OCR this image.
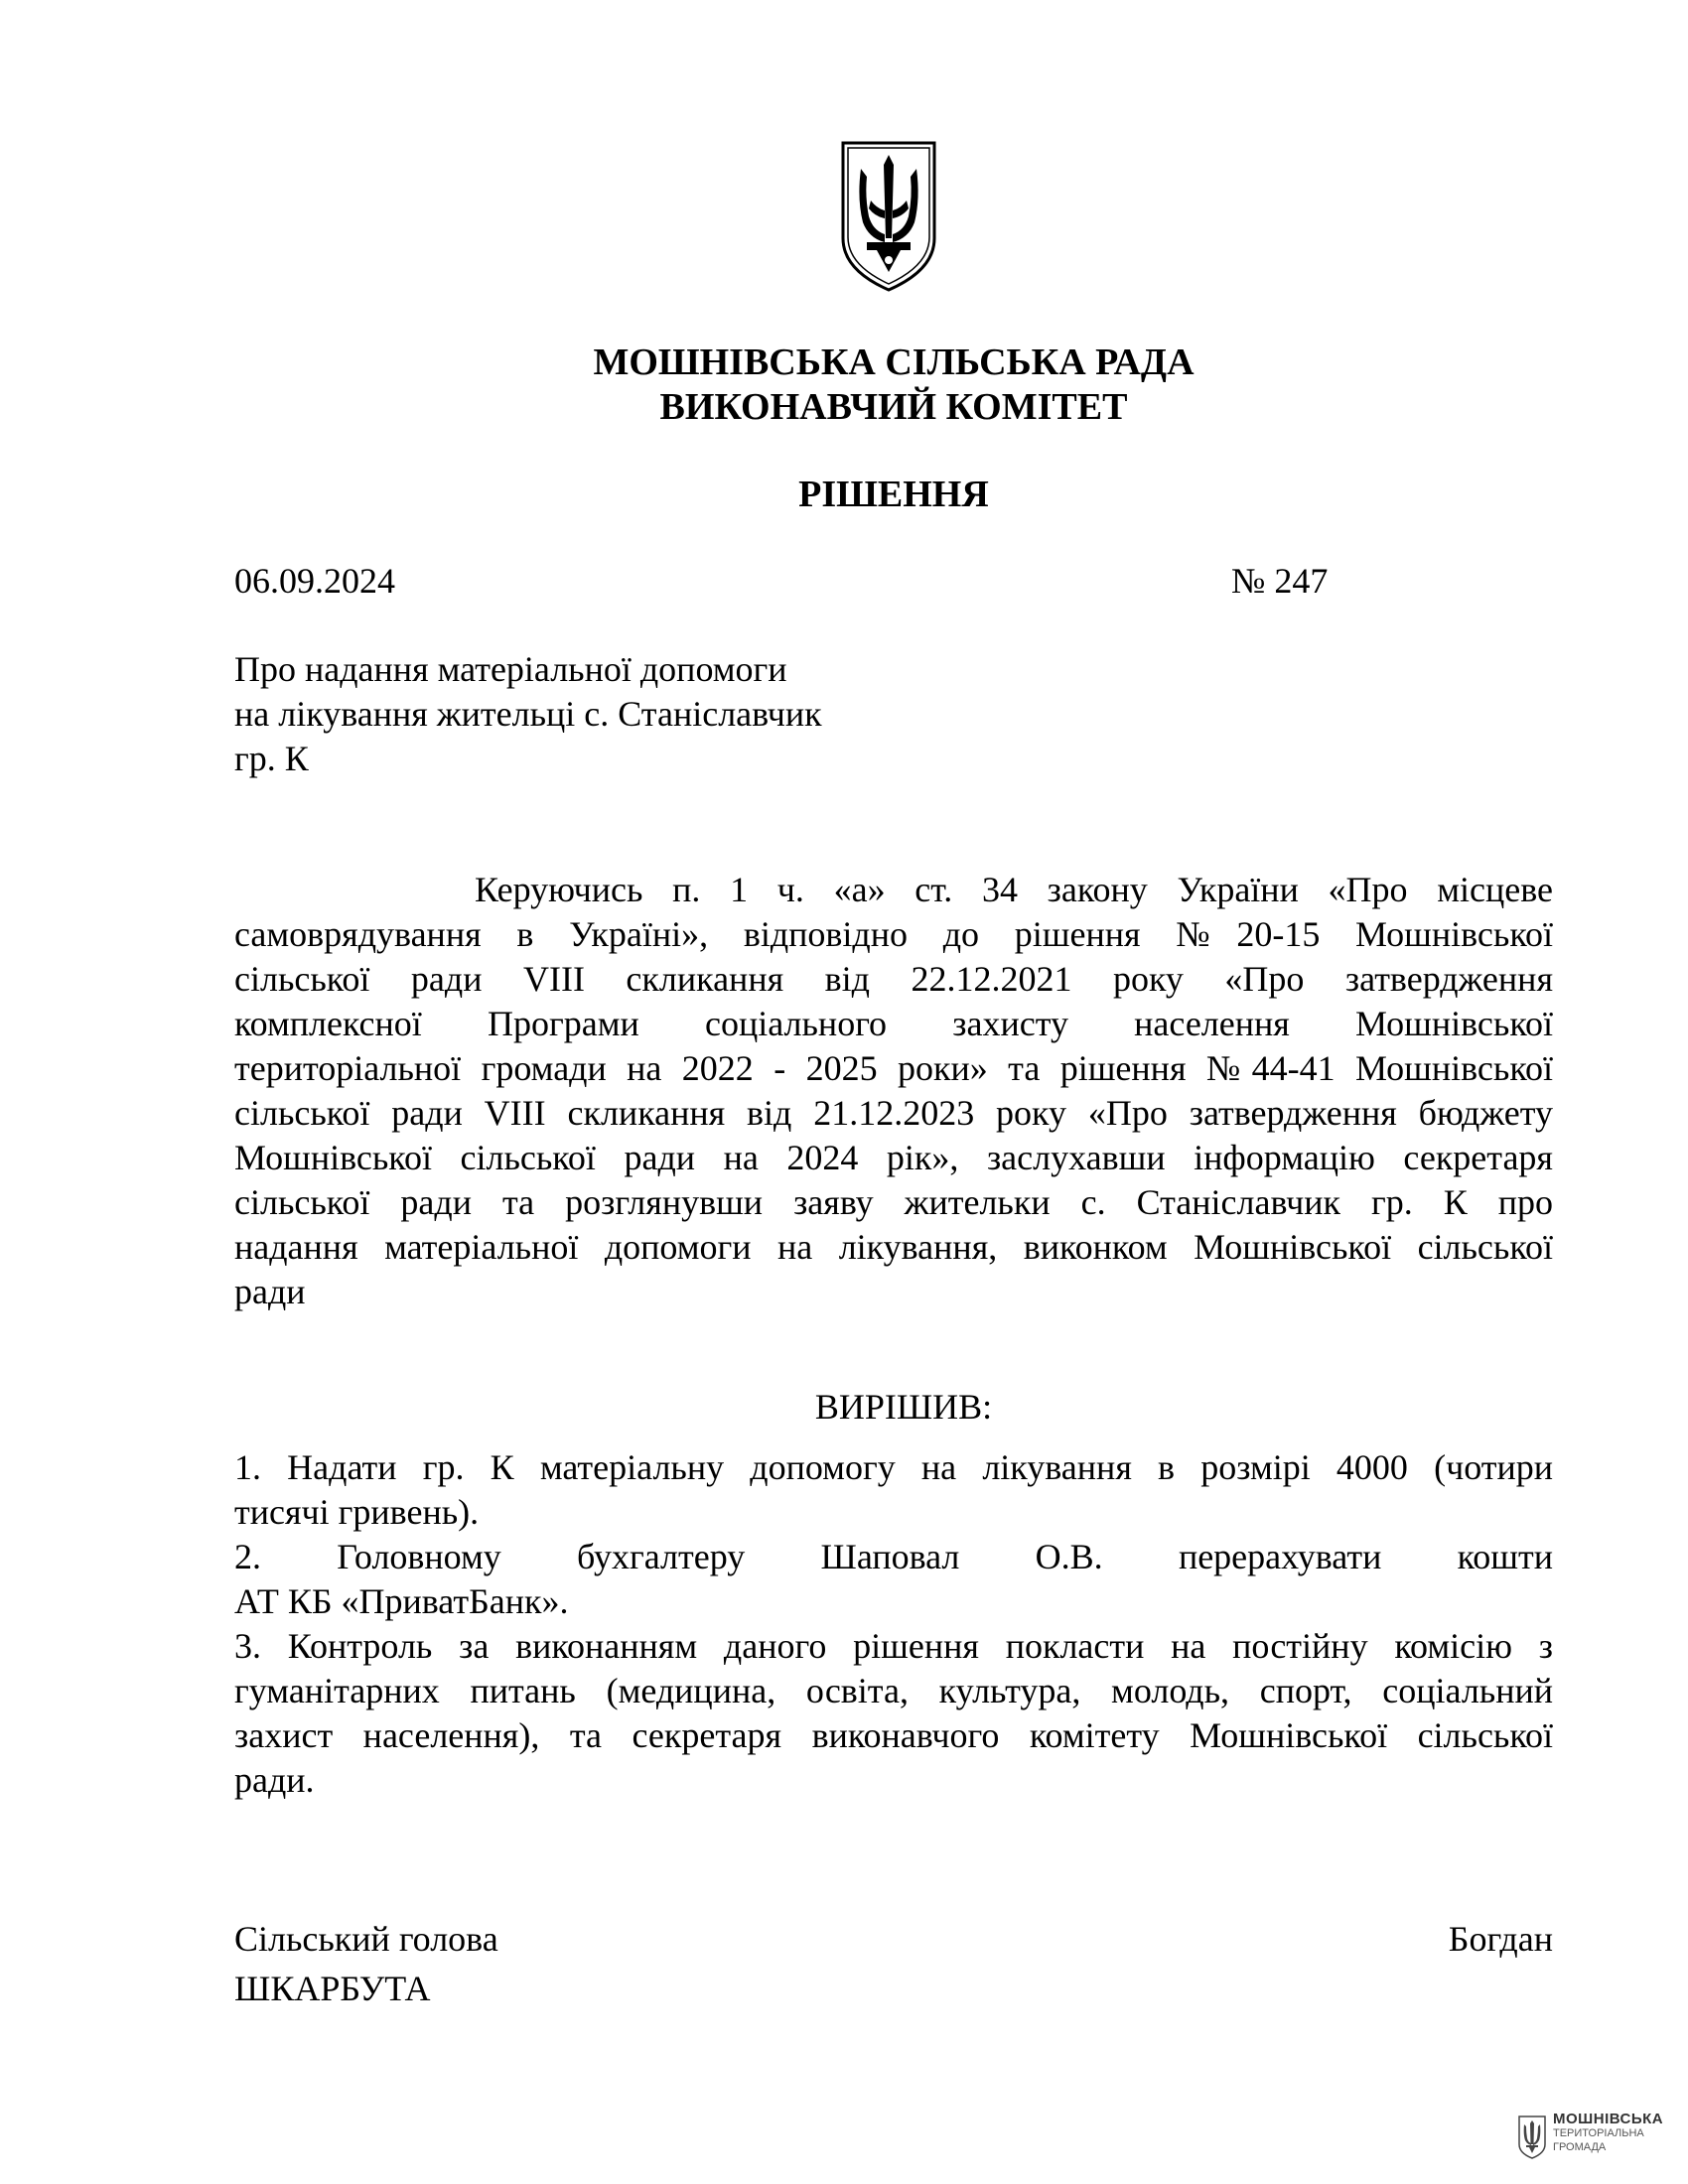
МОШНІВСЬКА СІЛЬСЬКА РАДА
ВИКОНАВЧИЙ КОМІТЕТ
РІШЕННЯ
06.09.2024	№ 247
Про надання матеріальної допомоги
на лікування жительці с. Станіславчик
гр. К
Керуючись п. 1 ч. «а» ст. 34 закону України «Про місцеве
самоврядування в Україні», відповідно до рішення №20-15 Мошнівської
сільської ради VIII скликання від 22.12.2021 року «Про затвердження
комплексної Програми соціального захисту населення Мошнівської
територіальної громади на 2022 - 2025 роки» та рішення №44-41 Мошнівської
сільської ради VIII скликання від 21.12.2023 року «Про затвердження бюджету
Мошнівської сільської ради на 2024 рік», заслухавши інформацію секретаря
сільської ради та розглянувши заяву жительки с. Станіславчик гр. К про
надання матеріальної допомоги на лікування, виконком Мошнівської сільської
ради
ВИРІШИВ:
1. Надати гр. К матеріальну допомогу на лікування в розмірі 4000 (чотири
тисячі гривень).
2. Головному бухгалтеру Шаповал О.В. перерахувати кошти
АТ КБ «ПриватБанк».
3. Контроль за виконанням даного рішення покласти на постійну комісію з
гуманітарних питань (медицина, освіта, культура, молодь, спорт, соціальний
захист населення), та секретаря виконавчого комітету Мошнівської сільської
ради.
Сільський голова	Богдан
ШКАРБУТА
МОШНІВСЬКА
ТЕРИТОРІАЛЬНА
ГРОМАДА
